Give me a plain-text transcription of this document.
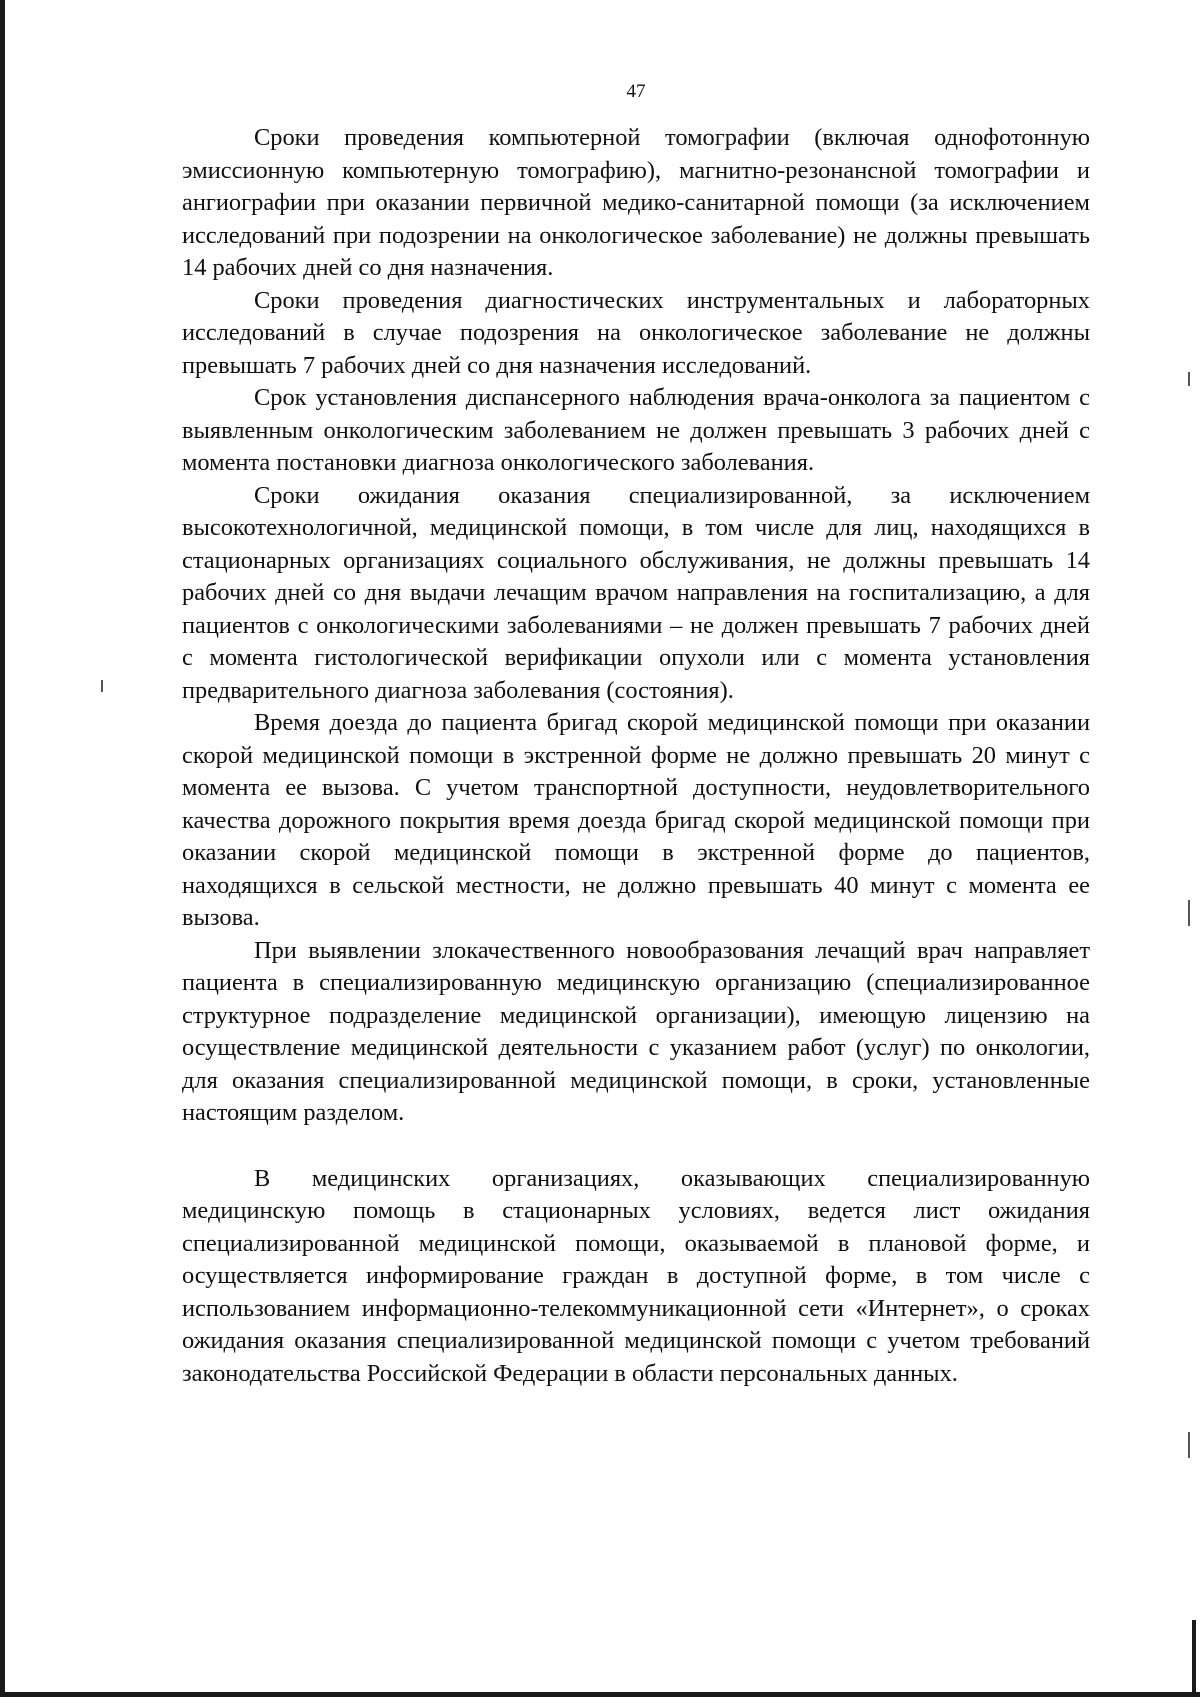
47

Сроки проведения компьютерной томографии (включая однофотонную эмиссионную компьютерную томографию), магнитно-резонансной томографии и ангиографии при оказании первичной медико-санитарной помощи (за исключением исследований при подозрении на онкологическое заболевание) не должны превышать 14 рабочих дней со дня назначения.

Сроки проведения диагностических инструментальных и лабораторных исследований в случае подозрения на онкологическое заболевание не должны превышать 7 рабочих дней со дня назначения исследований.

Срок установления диспансерного наблюдения врача-онколога за пациентом с выявленным онкологическим заболеванием не должен превышать 3 рабочих дней с момента постановки диагноза онкологического заболевания.

Сроки ожидания оказания специализированной, за исключением высокотехнологичной, медицинской помощи, в том числе для лиц, находящихся в стационарных организациях социального обслуживания, не должны превышать 14 рабочих дней со дня выдачи лечащим врачом направления на госпитализацию, а для пациентов с онкологическими заболеваниями – не должен превышать 7 рабочих дней с момента гистологической верификации опухоли или с момента установления предварительного диагноза заболевания (состояния).

Время доезда до пациента бригад скорой медицинской помощи при оказании скорой медицинской помощи в экстренной форме не должно превышать 20 минут с момента ее вызова. С учетом транспортной доступности, неудовлетворительного качества дорожного покрытия время доезда бригад скорой медицинской помощи при оказании скорой медицинской помощи в экстренной форме до пациентов, находящихся в сельской местности, не должно превышать 40 минут с момента ее вызова.

При выявлении злокачественного новообразования лечащий врач направляет пациента в специализированную медицинскую организацию (специализированное структурное подразделение медицинской организации), имеющую лицензию на осуществление медицинской деятельности с указанием работ (услуг) по онкологии, для оказания специализированной медицинской помощи, в сроки, установленные настоящим разделом.

В медицинских организациях, оказывающих специализированную медицинскую помощь в стационарных условиях, ведется лист ожидания специализированной медицинской помощи, оказываемой в плановой форме, и осуществляется информирование граждан в доступной форме, в том числе с использованием информационно-телекоммуникационной сети «Интернет», о сроках ожидания оказания специализированной медицинской помощи с учетом требований законодательства Российской Федерации в области персональных данных.
